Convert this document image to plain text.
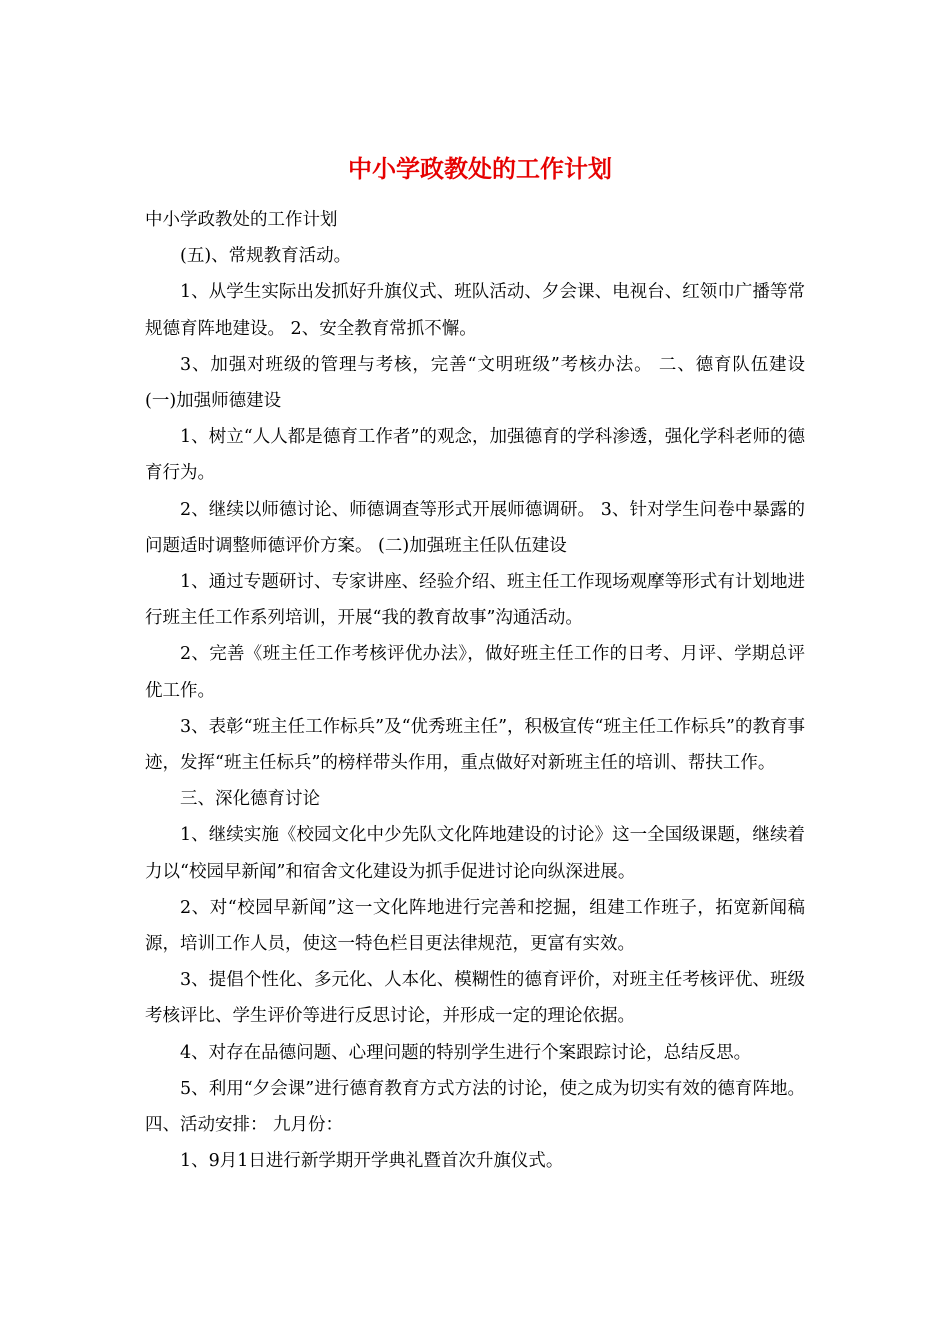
中小学政教处的工作计划

中小学政教处的工作计划

(五)、常规教育活动。

1、从学生实际出发抓好升旗仪式、班队活动、夕会课、电视台、红领巾广播等常规德育阵地建设。 2、安全教育常抓不懈。

3、加强对班级的管理与考核，完善“文明班级”考核办法。 二、德育队伍建设 (一)加强师德建设

1、树立“人人都是德育工作者”的观念，加强德育的学科渗透，强化学科老师的德育行为。

2、继续以师德讨论、师德调查等形式开展师德调研。 3、针对学生问卷中暴露的问题适时调整师德评价方案。 (二)加强班主任队伍建设

1、通过专题研讨、专家讲座、经验介绍、班主任工作现场观摩等形式有计划地进行班主任工作系列培训，开展“我的教育故事”沟通活动。

2、完善《班主任工作考核评优办法》，做好班主任工作的日考、月评、学期总评优工作。

3、表彰“班主任工作标兵”及“优秀班主任”，积极宣传“班主任工作标兵”的教育事迹，发挥“班主任标兵”的榜样带头作用，重点做好对新班主任的培训、帮扶工作。

三、深化德育讨论

1、继续实施《校园文化中少先队文化阵地建设的讨论》这一全国级课题，继续着力以“校园早新闻”和宿舍文化建设为抓手促进讨论向纵深进展。

2、对“校园早新闻”这一文化阵地进行完善和挖掘，组建工作班子，拓宽新闻稿源，培训工作人员，使这一特色栏目更法律规范，更富有实效。

3、提倡个性化、多元化、人本化、模糊性的德育评价，对班主任考核评优、班级考核评比、学生评价等进行反思讨论，并形成一定的理论依据。

4、对存在品德问题、心理问题的特别学生进行个案跟踪讨论，总结反思。

5、利用“夕会课”进行德育教育方式方法的讨论，使之成为切实有效的德育阵地。 四、活动安排： 九月份：

1、9月1日进行新学期开学典礼暨首次升旗仪式。
